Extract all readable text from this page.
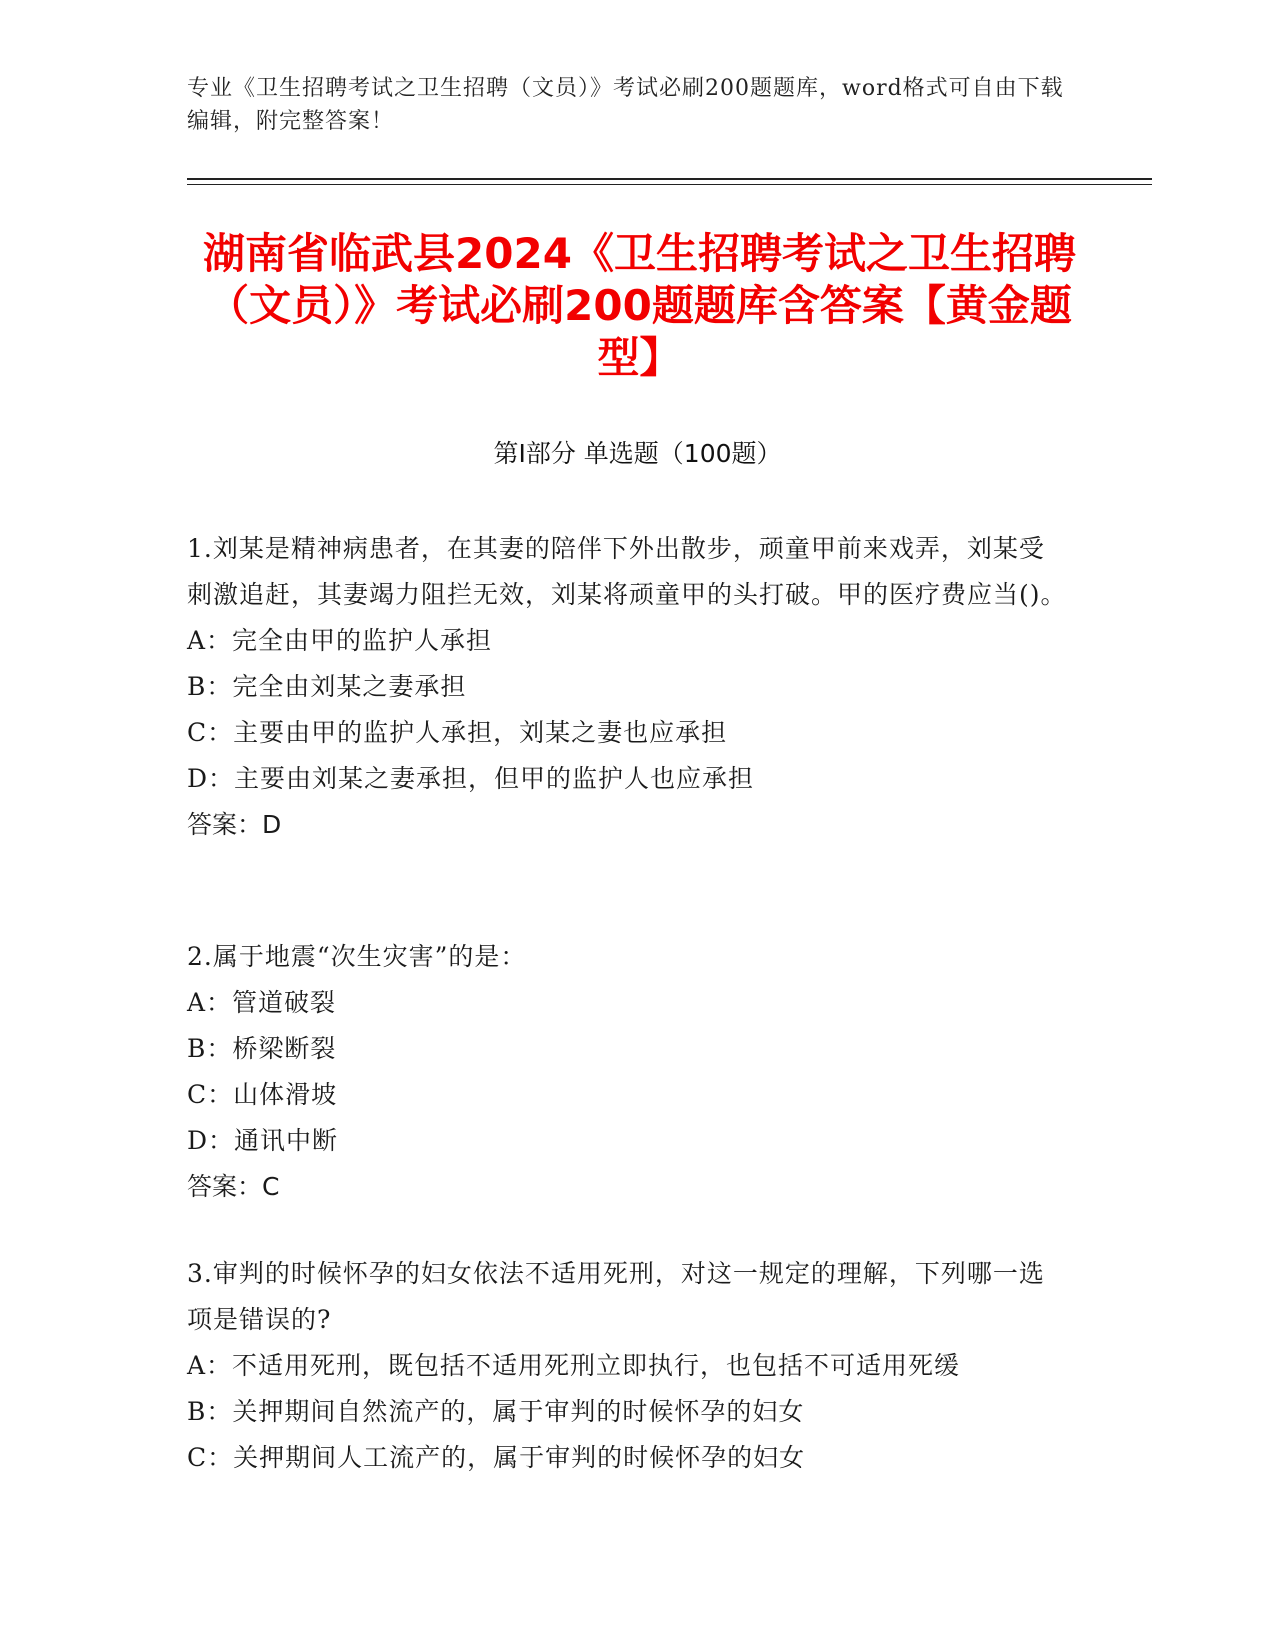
专业《卫生招聘考试之卫生招聘（文员）》考试必刷200题题库，word格式可自由下载编辑，附完整答案！
湖南省临武县2024《卫生招聘考试之卫生招聘（文员）》考试必刷200题题库含答案【黄金题型】
第Ⅰ部分 单选题（100题）
1.刘某是精神病患者，在其妻的陪伴下外出散步，顽童甲前来戏弄，刘某受刺激追赶，其妻竭力阻拦无效，刘某将顽童甲的头打破。甲的医疗费应当()。
A：完全由甲的监护人承担
B：完全由刘某之妻承担
C：主要由甲的监护人承担，刘某之妻也应承担
D：主要由刘某之妻承担，但甲的监护人也应承担
答案：D
2.属于地震“次生灾害”的是：
A：管道破裂
B：桥梁断裂
C：山体滑坡
D：通讯中断
答案：C
3.审判的时候怀孕的妇女依法不适用死刑，对这一规定的理解，下列哪一选项是错误的?
A：不适用死刑，既包括不适用死刑立即执行，也包括不可适用死缓
B：关押期间自然流产的，属于审判的时候怀孕的妇女
C：关押期间人工流产的，属于审判的时候怀孕的妇女
